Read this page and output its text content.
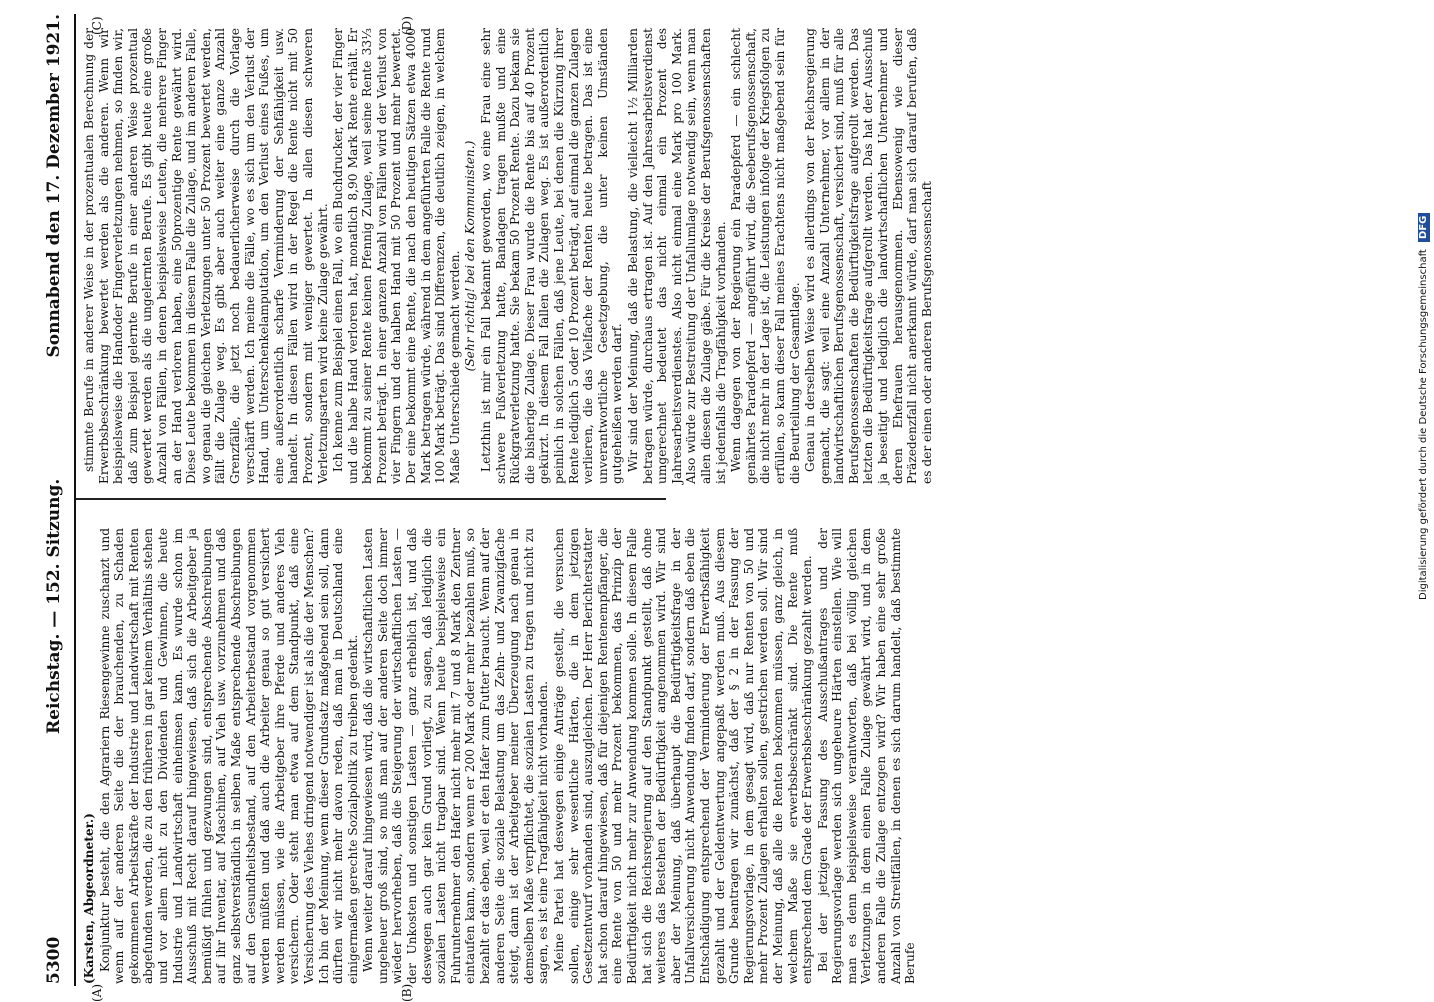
5300
Reichstag. — 152. Sitzung.
Sonnabend den 17. Dezember 1921.

(Karsten, Abgeordneter.) Konjunktur besteht, die den Agrariern Riesengewinne zuschanzt und wenn auf der anderen Seite die der brauchenden, zu Schaden gekommenen Arbeitskräfte der Industrie und Landwirtschaft mit Renten abgefunden werden, die zu den früheren in gar keinem Verhältnis stehen und vor allem nicht zu den Dividenden und Gewinnen, die heute Industrie und Landwirtschaft einheimsen kann. Es wurde schon im Ausschuß mit Recht darauf hingewiesen, daß sich die Arbeitgeber ja bemüßigt fühlen und gezwungen sind, entsprechende Abschreibungen auf ihr Inventar, auf Maschinen, auf Vieh usw. vorzunehmen und daß ganz selbstverständlich in selben Maße entsprechende Abschreibungen auf den Gesundheitsbestand, auf den Arbeiterbestand vorgenommen werden müßten und daß auch die Arbeiter genau so gut versichert werden müssen, wie die Arbeitgeber ihre Pferde und anderes Vieh versichern. Oder steht man etwa auf dem Standpunkt, daß eine Versicherung des Viehes dringend notwendiger ist als die der Menschen? Ich bin der Meinung, wenn dieser Grundsatz maßgebend sein soll, dann dürften wir nicht mehr davon reden, daß man in Deutschland eine einigermaßen gerechte Sozialpolitik zu treiben gedenkt. Wenn weiter darauf hingewiesen wird, daß die wirtschaftlichen Lasten ungeheuer groß sind, so muß man auf der anderen Seite doch immer wieder hervorheben, daß die Steigerung der wirtschaftlichen Lasten — der Unkosten und sonstigen Lasten — ganz erheblich ist, und daß deswegen auch gar kein Grund vorliegt, zu sagen, daß lediglich die sozialen Lasten nicht tragbar sind. Wenn heute beispielsweise ein Fuhrunternehmer den Hafer nicht mehr mit 7 und 8 Mark den Zentner eintaufen kann, sondern wenn er 200 Mark oder mehr bezahlen muß, so bezahlt er das eben, weil er den Hafer zum Futter braucht. Wenn auf der anderen Seite die soziale Belastung um das Zehn- und Zwanzigfache steigt, dann ist der Arbeitgeber meiner Überzeugung nach genau in demselben Maße verpflichtet, die sozialen Lasten zu tragen und nicht zu sagen, es ist eine Tragfähigkeit nicht vorhanden. Meine Partei hat deswegen einige Anträge gestellt, die versuchen sollen, einige sehr wesentliche Härten, die in dem jetzigen Gesetzentwurf vorhanden sind, auszugleichen. Der Herr Berichterstatter hat schon darauf hingewiesen, daß für diejenigen Rentenempfänger, die eine Rente von 50 und mehr Prozent bekommen, das Prinzip der Bedürftigkeit nicht mehr zur Anwendung kommen solle. In diesem Falle hat sich die Reichsregierung auf den Standpunkt gestellt, daß ohne weiteres das Bestehen der Bedürftigkeit angenommen wird. Wir sind aber der Meinung, daß überhaupt die Bedürftigkeitsfrage in der Unfallversicherung nicht Anwendung finden darf, sondern daß eben die Entschädigung entsprechend der Verminderung der Erwerbsfähigkeit gezahlt und der Geldentwertung angepaßt werden muß. Aus diesem Grunde beantragen wir zunächst, daß der § 2 in der Fassung der Regierungsvorlage, in dem gesagt wird, daß nur Renten von 50 und mehr Prozent Zulagen erhalten sollen, gestrichen werden soll. Wir sind der Meinung, daß alle die Renten bekommen müssen, ganz gleich, in welchem Maße sie erwerbsbeschränkt sind. Die Rente muß entsprechend dem Grade der Erwerbsbeschränkung gezahlt werden. Bei der jetzigen Fassung des Ausschußantrages und der Regierungsvorlage werden sich ungeheure Härten einstellen. Wie will man es denn beispielsweise verantworten, daß bei völlig gleichen Verletzungen in dem einen Falle Zulage gewährt wird, und in dem anderen Falle die Zulage entzogen wird? Wir haben eine sehr große Anzahl von Streitfällen, in denen es sich darum handelt, daß bestimmte Berufe

stimmte Berufe in anderer Weise in der prozentualen Berechnung der Erwerbsbeschränkung bewertet werden als die anderen. Wenn wir beispielsweise die Handoder Fingerverletzungen nehmen, so finden wir, daß zum Beispiel gelernte Berufe in einer anderen Weise prozentual gewertet werden als die ungelernten Berufe. Es gibt heute eine große Anzahl von Fällen, in denen beispielsweise Leuten, die mehrere Finger an der Hand verloren haben, eine 50prozentige Rente gewährt wird. Diese Leute bekommen in diesem Falle die Zulage, und im anderen Falle, wo genau die gleichen Verletzungen unter 50 Prozent bewertet werden, fällt die Zulage weg. Es gibt aber auch weiter eine ganze Anzahl Grenzfälle, die jetzt noch bedauerlicherweise durch die Vorlage verschärft werden. Ich meine die Fälle, wo es sich um den Verlust der Hand, um Unterschenkelamputation, um den Verlust eines Fußes, um eine außerordentlich scharfe Verminderung der Sehfähigkeit usw. handelt. In diesen Fällen wird in der Regel die Rente nicht mit 50 Prozent, sondern mit weniger gewertet. In allen diesen schweren Verletzungsarten wird keine Zulage gewährt. Ich kenne zum Beispiel einen Fall, wo ein Buchdrucker, der vier Finger und die halbe Hand verloren hat, monatlich 8,90 Mark Rente erhält. Er bekommt zu seiner Rente keinen Pfennig Zulage, weil seine Rente 33⅓ Prozent beträgt. In einer ganzen Anzahl von Fällen wird der Verlust von vier Fingern und der halben Hand mit 50 Prozent und mehr bewertet. Der eine bekommt eine Rente, die nach den heutigen Sätzen etwa 4000 Mark betragen würde, während in dem angeführten Falle die Rente rund 100 Mark beträgt. Das sind Differenzen, die deutlich zeigen, in welchem Maße Unterschiede gemacht werden. (Sehr richtig! bei den Kommunisten.) Letzthin ist mir ein Fall bekannt geworden, wo eine Frau eine sehr schwere Fußverletzung hatte, Bandagen tragen mußte und eine Rückgratverletzung hatte. Sie bekam 50 Prozent Rente. Dazu bekam sie die bisherige Zulage. Dieser Frau wurde die Rente bis auf 40 Prozent gekürzt. In diesem Fall fallen die Zulagen weg. Es ist außerordentlich peinlich in solchen Fällen, daß jene Leute, bei denen die Kürzung ihrer Rente lediglich 5 oder 10 Prozent beträgt, auf einmal die ganzen Zulagen verlieren, die das Vielfache der Renten heute betragen. Das ist eine unverantwortliche Gesetzgebung, die unter keinen Umständen gutgeheißen werden darf. Wir sind der Meinung, daß die Belastung, die vielleicht 1½ Milliarden betragen würde, durchaus ertragen ist. Auf den Jahresarbeitsverdienst umgerechnet bedeutet das nicht einmal ein Prozent des Jahresarbeitsverdienstes. Also nicht einmal eine Mark pro 100 Mark. Also würde zur Bestreitung der Unfallumlage notwendig sein, wenn man allen diesen die Zulage gäbe. Für die Kreise der Berufsgenossenschaften ist jedenfalls die Tragfähigkeit vorhanden. Wenn dagegen von der Regierung ein Paradepferd — ein schlecht genährtes Paradepferd — angeführt wird, die Seeberufsgenossenschaft, die nicht mehr in der Lage ist, die Leistungen infolge der Kriegsfolgen zu erfüllen, so kann dieser Fall meines Erachtens nicht maßgebend sein für die Beurteilung der Gesamtlage. Genau in derselben Weise wird es allerdings von der Reichsregierung gemacht, die sagt: weil eine Anzahl Unternehmer, vor allem in der landwirtschaftlichen Berufsgenossenschaft, versichert sind, muß für alle Berufsgenossenschaften die Bedürftigkeitsfrage aufgerollt werden. Das letzten die Bedürftigkeitsfrage aufgerollt werden. Das hat der Ausschuß ja beseitigt und lediglich die landwirtschaftlichen Unternehmer und deren Ehefrauen herausgenommen. Ebensowenig wie dieser Präzedenzfall nicht anerkannt würde, darf man sich darauf berufen, daß es der einen oder anderen Berufsgenossenschaft

(A)	(B)
(C)	(D)
Digitalisierung gefördert durch die Deutsche Forschungsgemeinschaft DFG
